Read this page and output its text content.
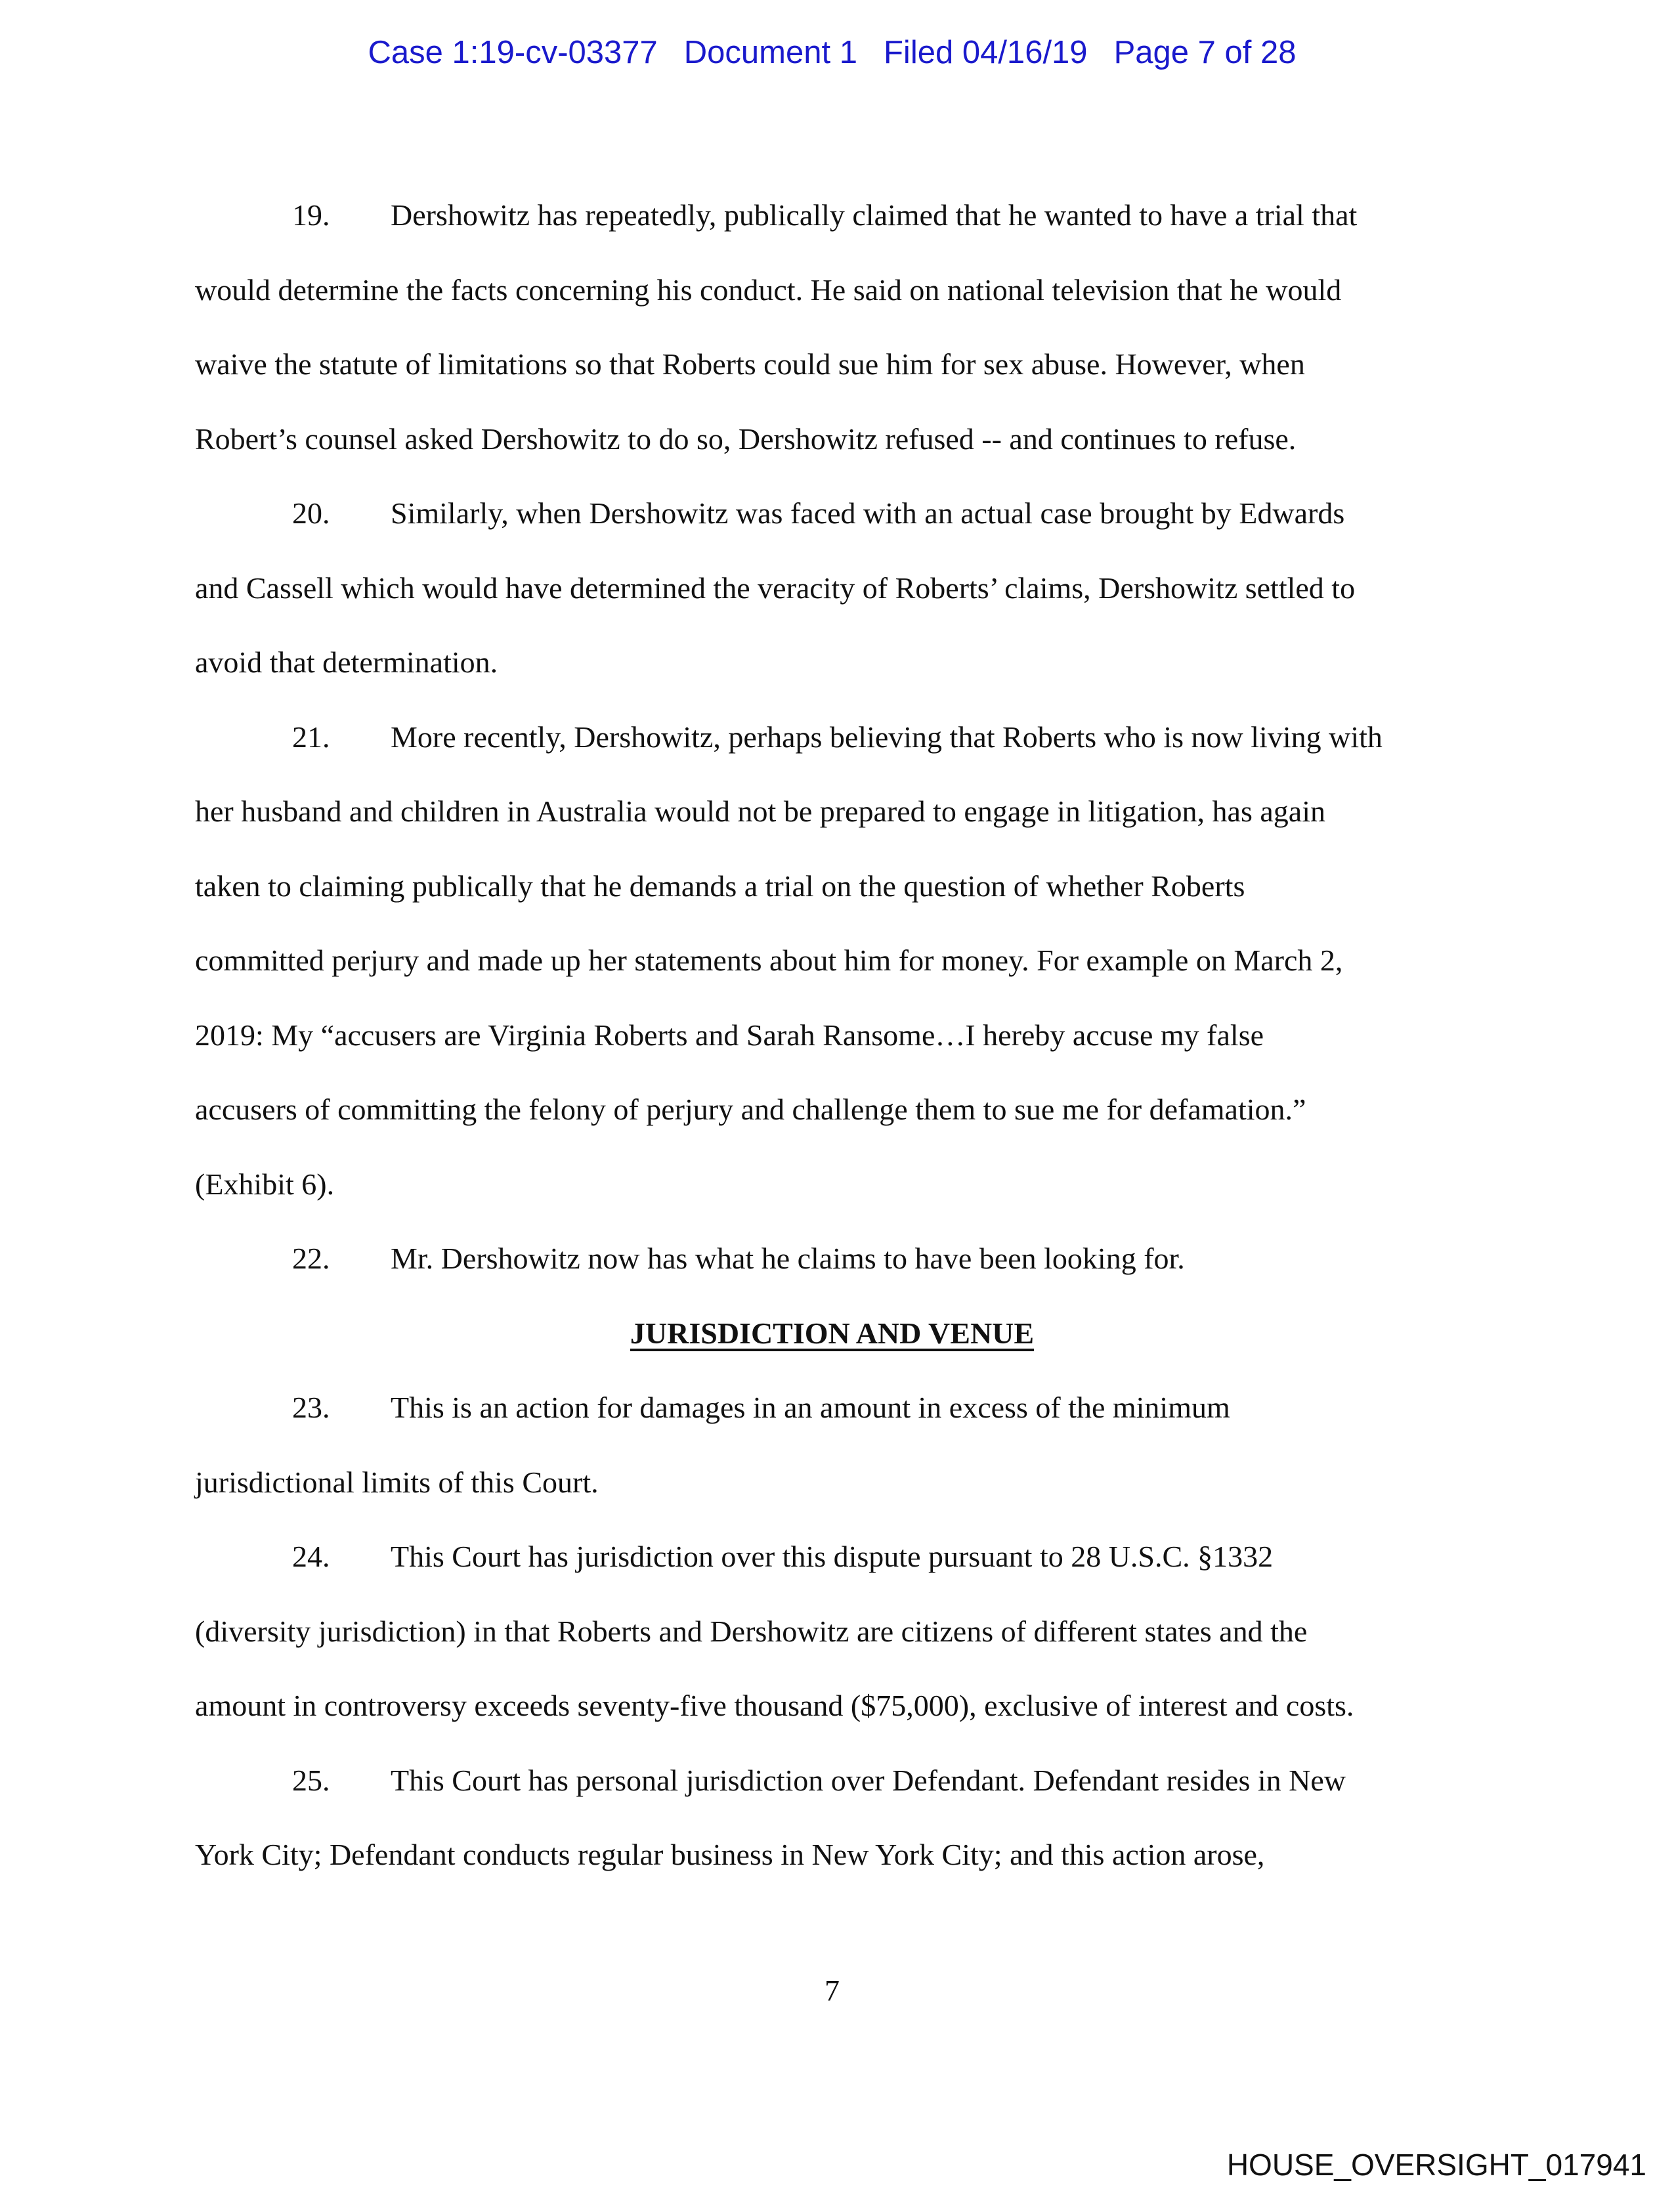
Case 1:19-cv-03377 Document 1 Filed 04/16/19 Page 7 of 28
19. Dershowitz has repeatedly, publically claimed that he wanted to have a trial that
would determine the facts concerning his conduct. He said on national television that he would
waive the statute of limitations so that Roberts could sue him for sex abuse. However, when
Robert’s counsel asked Dershowitz to do so, Dershowitz refused -- and continues to refuse.
20. Similarly, when Dershowitz was faced with an actual case brought by Edwards
and Cassell which would have determined the veracity of Roberts’ claims, Dershowitz settled to
avoid that determination.
21. More recently, Dershowitz, perhaps believing that Roberts who is now living with
her husband and children in Australia would not be prepared to engage in litigation, has again
taken to claiming publically that he demands a trial on the question of whether Roberts
committed perjury and made up her statements about him for money. For example on March 2,
2019: My “accusers are Virginia Roberts and Sarah Ransome…I hereby accuse my false
accusers of committing the felony of perjury and challenge them to sue me for defamation.”
(Exhibit 6).
22. Mr. Dershowitz now has what he claims to have been looking for.
23. This is an action for damages in an amount in excess of the minimum
jurisdictional limits of this Court.
24. This Court has jurisdiction over this dispute pursuant to 28 U.S.C. §1332
(diversity jurisdiction) in that Roberts and Dershowitz are citizens of different states and the
amount in controversy exceeds seventy-five thousand ($75,000), exclusive of interest and costs.
25. This Court has personal jurisdiction over Defendant. Defendant resides in New
York City; Defendant conducts regular business in New York City; and this action arose,
JURISDICTION AND VENUE
7
HOUSE_OVERSIGHT_017941
